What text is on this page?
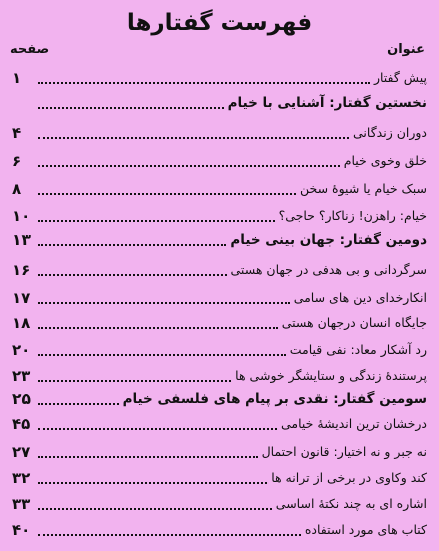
فهرست گفتارها
عنوان
صفحه
پیش گفتار
۱
نخستین گفتار: آشنایی با خیام
دوران زندگانی
۴
خلق وخوی خیام
۶
سبک خیام یا شیوهٔ سخن
۸
خیام: راهزن! زناکار؟ حاجی؟
۱۰
دومین گفتار: جهان بینی خیام
۱۳
سرگردانی و بی هدفی در جهان هستی
۱۶
انکارخدای دین های سامی
۱۷
جایگاه انسان درجهان هستی
۱۸
رد آشکار معاد: نفی قیامت
۲۰
پرستندهٔ زندگی و ستایشگر خوشی ها
۲۳
سومین گفتار: نقدی بر پیام های فلسفی خیام
۲۵
درخشان ترین اندیشهٔ خیامی
۴۵
نه جبر و نه اختیار: قانون احتمال
۲۷
کند وکاوی در برخی از ترانه ها
۳۲
اشاره ای به چند نکتهٔ اساسی
۳۳
کتاب های مورد استفاده
۴۰
